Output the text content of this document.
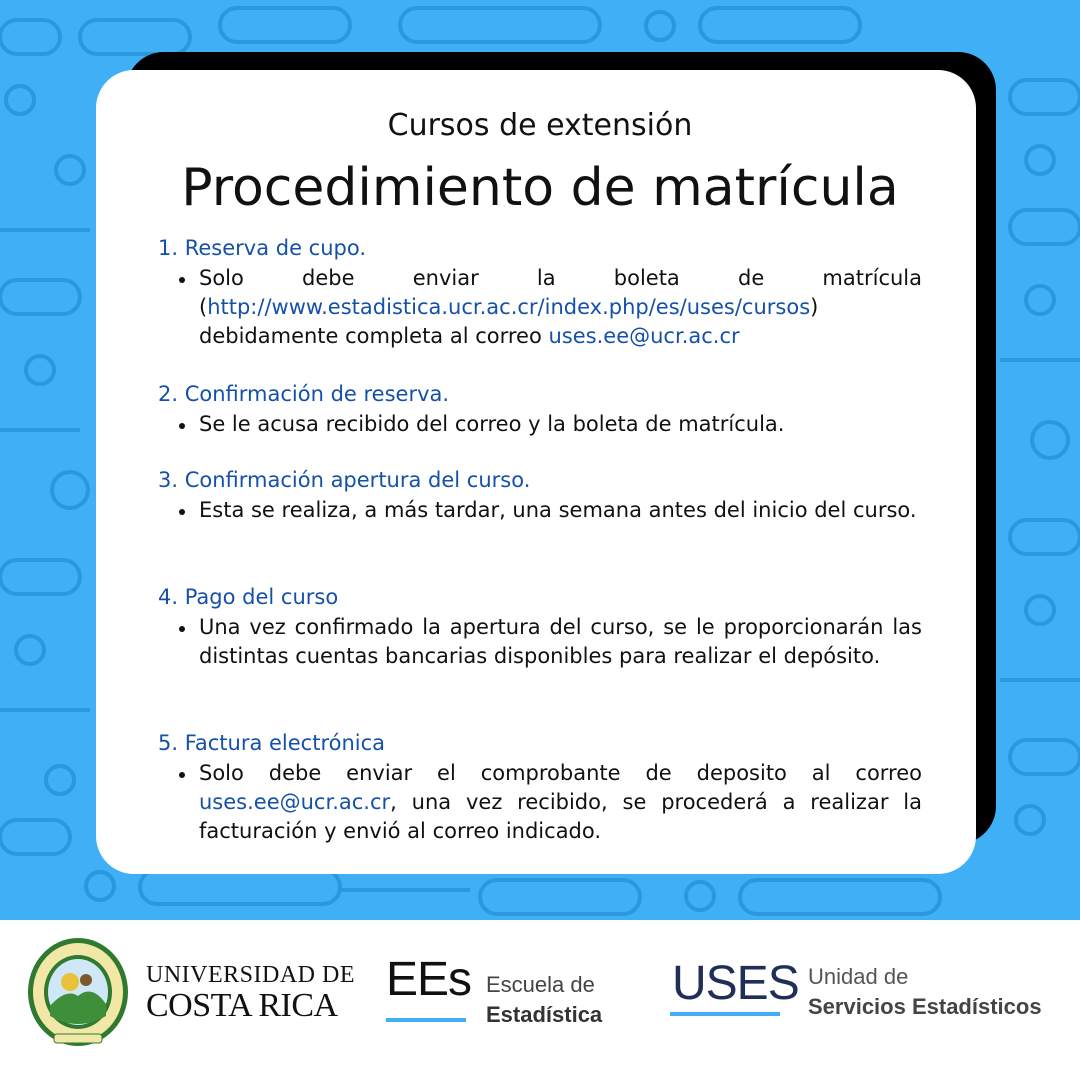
Cursos de extensión
Procedimiento de matrícula
1. Reserva de cupo.
Solo debe enviar la boleta de matrícula (http://www.estadistica.ucr.ac.cr/index.php/es/uses/cursos) debidamente completa al correo uses.ee@ucr.ac.cr
2. Confirmación de reserva.
Se le acusa recibido del correo y la boleta de matrícula.
3. Confirmación apertura del curso.
Esta se realiza, a más tardar, una semana antes del inicio del curso.
4. Pago del curso
Una vez confirmado la apertura del curso, se le proporcionarán las distintas cuentas bancarias disponibles para realizar el depósito.
5. Factura electrónica
Solo debe enviar el comprobante de deposito al correo uses.ee@ucr.ac.cr, una vez recibido, se procederá a realizar la facturación y envió al correo indicado.
UNIVERSIDAD DE
COSTA RICA	EEs Escuela de
Estadística
USES Unidad de
Servicios Estadísticos
